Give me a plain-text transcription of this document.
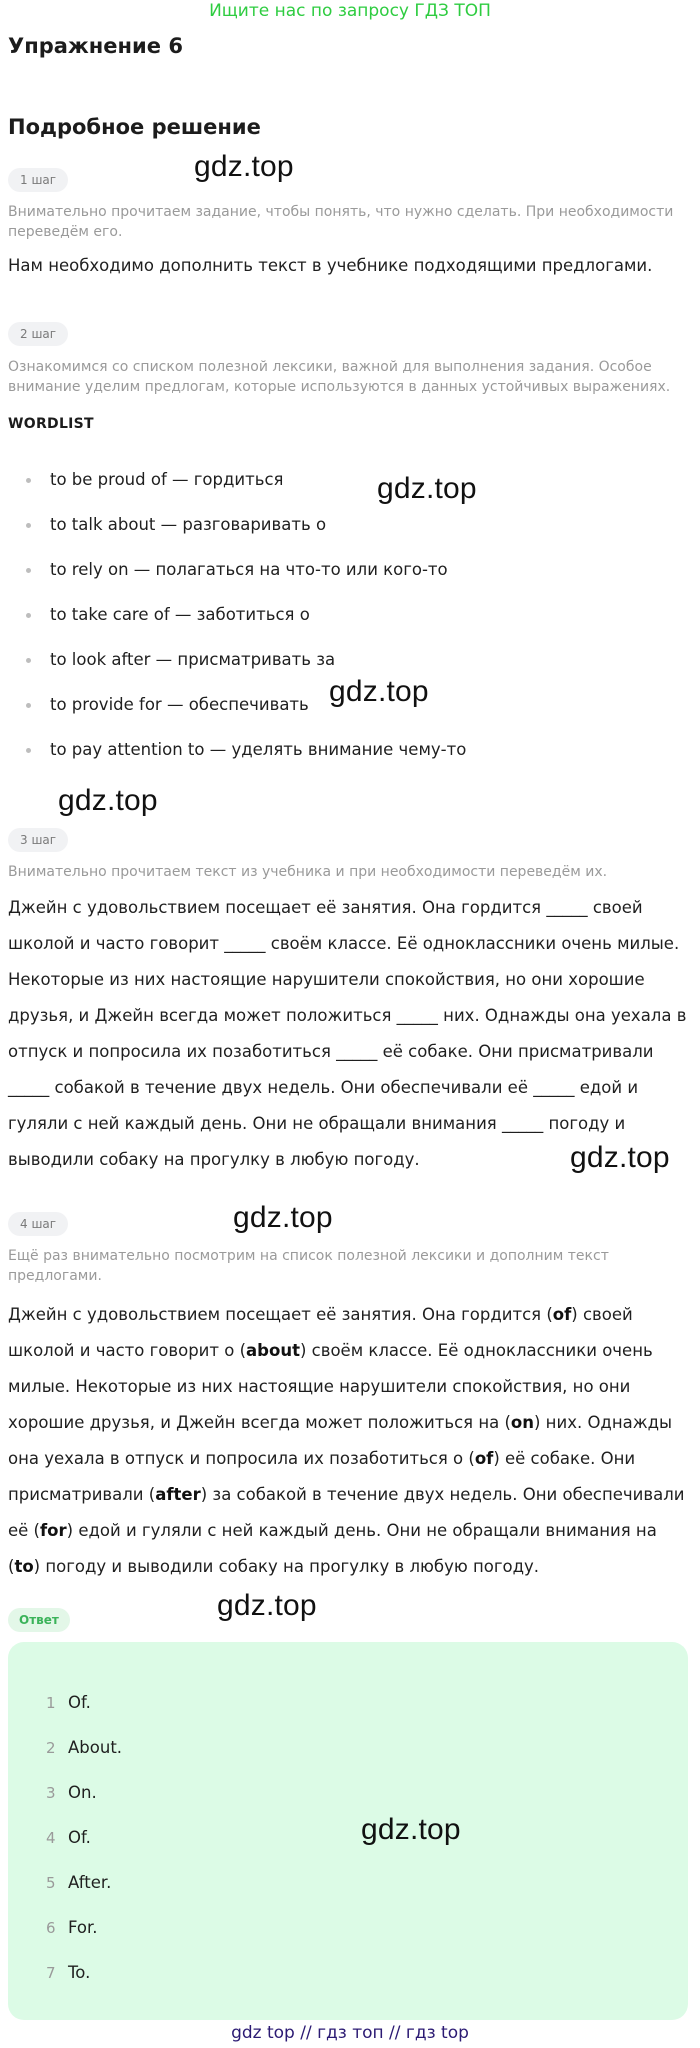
Ищите нас по запросу ГДЗ ТОП
Упражнение 6
Подробное решение
1 шаг
Внимательно прочитаем задание, чтобы понять, что нужно сделать. При необходимости переведём его.
Нам необходимо дополнить текст в учебнике подходящими предлогами.
2 шаг
Ознакомимся со списком полезной лексики, важной для выполнения задания. Особое внимание уделим предлогам, которые используются в данных устойчивых выражениях.
WORDLIST
to be proud of — гордиться
to talk about — разговаривать о
to rely on — полагаться на что-то или кого-то
to take care of — заботиться о
to look after — присматривать за
to provide for — обеспечивать
to pay attention to — уделять внимание чему-то
3 шаг
Внимательно прочитаем текст из учебника и при необходимости переведём их.
Джейн с удовольствием посещает её занятия. Она гордится _____ своей школой и часто говорит _____ своём классе. Её одноклассники очень милые. Некоторые из них настоящие нарушители спокойствия, но они хорошие друзья, и Джейн всегда может положиться _____ них. Однажды она уехала в отпуск и попросила их позаботиться _____ её собаке. Они присматривали _____ собакой в течение двух недель. Они обеспечивали её _____ едой и гуляли с ней каждый день. Они не обращали внимания _____ погоду и выводили собаку на прогулку в любую погоду.
4 шаг
Ещё раз внимательно посмотрим на список полезной лексики и дополним текст предлогами.
Джейн с удовольствием посещает её занятия. Она гордится (of) своей школой и часто говорит о (about) своём классе. Её одноклассники очень милые. Некоторые из них настоящие нарушители спокойствия, но они хорошие друзья, и Джейн всегда может положиться на (on) них. Однажды она уехала в отпуск и попросила их позаботиться о (of) её собаке. Они присматривали (after) за собакой в течение двух недель. Они обеспечивали её (for) едой и гуляли с ней каждый день. Они не обращали внимания на (to) погоду и выводили собаку на прогулку в любую погоду.
Ответ
1 Of.
2 About.
3 On.
4 Of.
5 After.
6 For.
7 To.
gdz.top
gdz.top
gdz.top
gdz.top
gdz.top
gdz.top
gdz.top
gdz.top
gdz top // гдз топ // гдз top
